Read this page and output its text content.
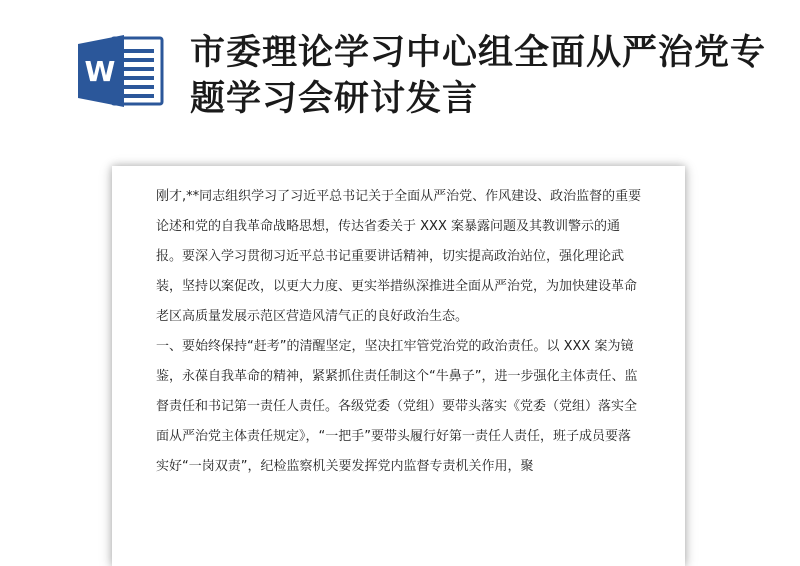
W 市委理论学习中心组全面从严治党专题学习会研讨发言

刚才,**同志组织学习了习近平总书记关于全面从严治党、作风建设、政治监督的重要论述和党的自我革命战略思想，传达省委关于 XXX 案暴露问题及其教训警示的通报。要深入学习贯彻习近平总书记重要讲话精神，切实提高政治站位，强化理论武装，坚持以案促改，以更大力度、更实举措纵深推进全面从严治党，为加快建设革命老区高质量发展示范区营造风清气正的良好政治生态。

一、要始终保持“赶考”的清醒坚定，坚决扛牢管党治党的政治责任。以 XXX 案为镜鉴，永葆自我革命的精神，紧紧抓住责任制这个“牛鼻子”，进一步强化主体责任、监督责任和书记第一责任人责任。各级党委（党组）要带头落实《党委（党组）落实全面从严治党主体责任规定》，“一把手”要带头履行好第一责任人责任，班子成员要落实好“一岗双责”，纪检监察机关要发挥党内监督专责机关作用，聚
